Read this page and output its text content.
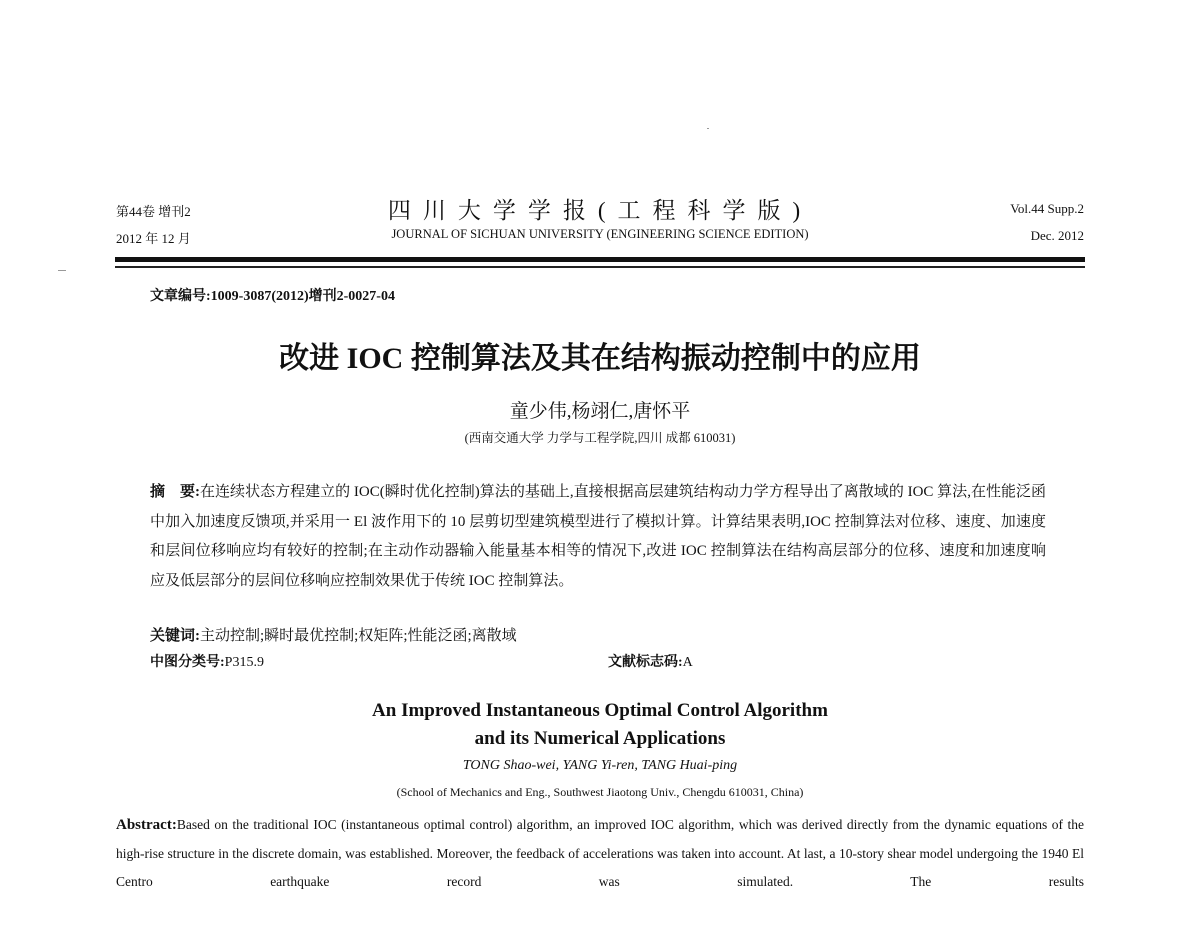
第44卷 增刊2
2012 年 12 月
四川大学学报(工程科学版)
JOURNAL OF SICHUAN UNIVERSITY (ENGINEERING SCIENCE EDITION)
Vol.44 Supp.2
Dec. 2012
文章编号:1009-3087(2012)增刊2-0027-04
改进 IOC 控制算法及其在结构振动控制中的应用
童少伟,杨翊仁,唐怀平
(西南交通大学 力学与工程学院,四川 成都 610031)
摘　要:在连续状态方程建立的 IOC(瞬时优化控制)算法的基础上,直接根据高层建筑结构动力学方程导出了离散域的 IOC 算法,在性能泛函中加入加速度反馈项,并采用一 El 波作用下的 10 层剪切型建筑模型进行了模拟计算。计算结果表明,IOC 控制算法对位移、速度、加速度和层间位移响应均有较好的控制;在主动作动器输入能量基本相等的情况下,改进 IOC 控制算法在结构高层部分的位移、速度和加速度响应及低层部分的层间位移响应控制效果优于传统 IOC 控制算法。
关键词:主动控制;瞬时最优控制;权矩阵;性能泛函;离散域
中图分类号:P315.9	文献标志码:A
An Improved Instantaneous Optimal Control Algorithm
and its Numerical Applications
TONG Shao-wei, YANG Yi-ren, TANG Huai-ping
(School of Mechanics and Eng., Southwest Jiaotong Univ., Chengdu 610031, China)
Abstract:Based on the traditional IOC (instantaneous optimal control) algorithm, an improved IOC algorithm, which was derived directly from the dynamic equations of the high-rise structure in the discrete domain, was established. Moreover, the feedback of accelerations was taken into account. At last, a 10-story shear model undergoing the 1940 El Centro earthquake record was simulated. The results
